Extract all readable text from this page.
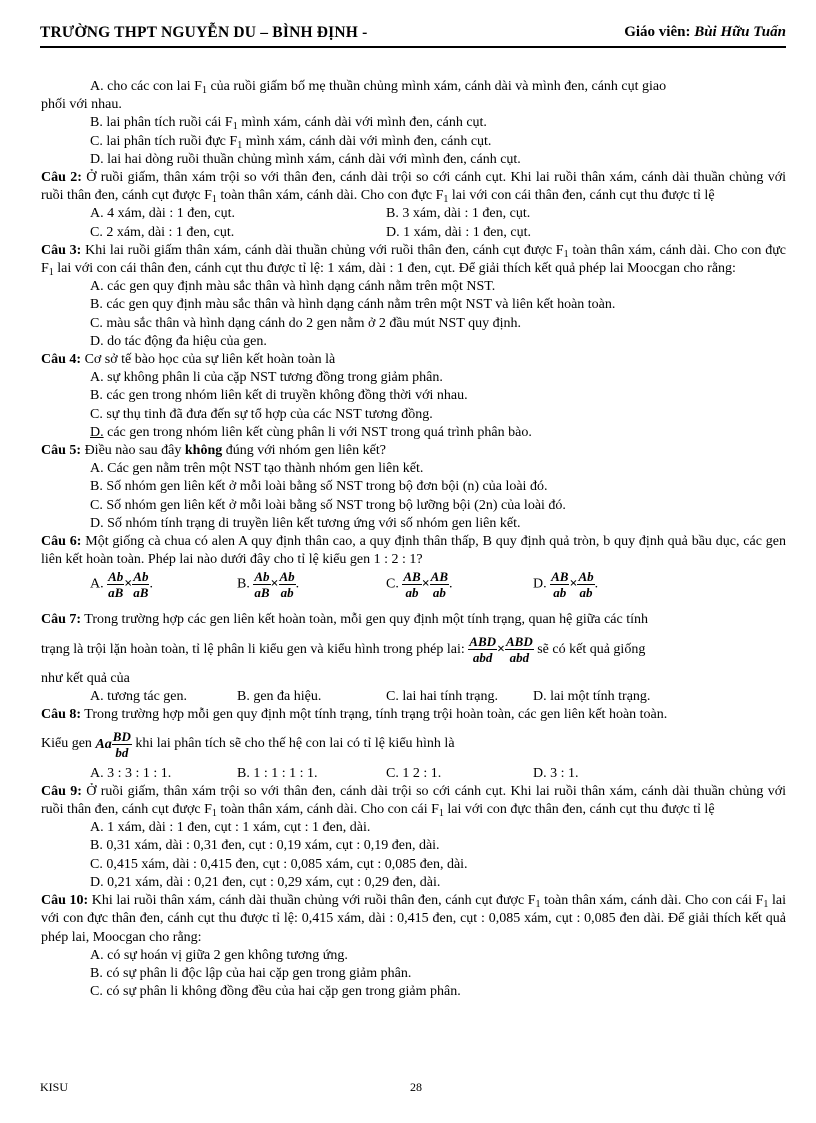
TRƯỜNG THPT NGUYỄN DU – BÌNH ĐỊNH -	Giáo viên: Bùi Hữu Tuấn
A. cho các con lai $F_1$ của ruồi giấm bố mẹ thuần chủng mình xám, cánh dài và mình đen, cánh cụt giao
phối với nhau.
B. lai phân tích ruồi cái $F_1$ mình xám, cánh dài với mình đen, cánh cụt.
C. lai phân tích ruồi đực $F_1$ mình xám, cánh dài với mình đen, cánh cụt.
D. lai hai dòng ruồi thuần chủng mình xám, cánh dài với mình đen, cánh cụt.
Câu 2: Ở ruồi giấm, thân xám trội so với thân đen, cánh dài trội so cới cánh cụt. Khi lai ruồi thân xám, cánh dài thuần chủng với ruồi thân đen, cánh cụt được $F_1$ toàn thân xám, cánh dài. Cho con đực $F_1$ lai với con cái thân đen, cánh cụt thu được tỉ lệ
A. 4 xám, dài : 1 đen, cụt.	B. 3 xám, dài : 1 đen, cụt.
C. 2 xám, dài : 1 đen, cụt.	D. 1 xám, dài : 1 đen, cụt.
Câu 3: Khi lai ruồi giấm thân xám, cánh dài thuần chủng với ruồi thân đen, cánh cụt được $F_1$ toàn thân xám, cánh dài. Cho con đực $F_1$ lai với con cái thân đen, cánh cụt thu được tỉ lệ: 1 xám, dài : 1 đen, cụt. Để giải thích kết quả phép lai Moocgan cho rằng:
A. các gen quy định màu sắc thân và hình dạng cánh nằm trên một NST.
B. các gen quy định màu sắc thân và hình dạng cánh nằm trên một NST và liên kết hoàn toàn.
C. màu sắc thân và hình dạng cánh do 2 gen nằm ở 2 đầu mút NST quy định.
D. do tác động đa hiệu của gen.
Câu 4: Cơ sở tế bào học của sự liên kết hoàn toàn là
A. sự không phân li của cặp NST tương đồng trong giảm phân.
B. các gen trong nhóm liên kết di truyền không đồng thời với nhau.
C. sự thụ tinh đã đưa đến sự tổ hợp của các NST tương đồng.
D. các gen trong nhóm liên kết cùng phân li với NST trong quá trình phân bào.
Câu 5: Điều nào sau đây không đúng với nhóm gen liên kết?
A. Các gen nằm trên một NST tạo thành nhóm gen liên kết.
B. Số nhóm gen liên kết ở mỗi loài bằng số NST trong bộ đơn bội (n) của loài đó.
C. Số nhóm gen liên kết ở mỗi loài bằng số NST trong bộ lưỡng bội (2n) của loài đó.
D. Số nhóm tính trạng di truyền liên kết tương ứng với số nhóm gen liên kết.
Câu 6: Một giống cà chua có alen A quy định thân cao, a quy định thân thấp, B quy định quả tròn, b quy định quả bầu dục, các gen liên kết hoàn toàn. Phép lai nào dưới đây cho tỉ lệ kiểu gen 1 : 2 : 1?
A. $\frac{Ab}{aB} \times \frac{Ab}{aB}$ .	B. $\frac{Ab}{aB} \times \frac{Ab}{ab}$ .	C. $\frac{AB}{ab} \times \frac{AB}{ab}$ .	D. $\frac{AB}{ab} \times \frac{Ab}{ab}$ .
Câu 7: Trong trường hợp các gen liên kết hoàn toàn, mỗi gen quy định một tính trạng, quan hệ giữa các tính
trạng là trội lặn hoàn toàn, tỉ lệ phân li kiểu gen và kiểu hình trong phép lai: $\frac{\text{ABD}}{\text{abd}} \times \frac{\text{ABD}}{\text{abd}}$ sẽ có kết quả giống
như kết quả của
A. tương tác gen.	B. gen đa hiệu.	C. lai hai tính trạng.	D. lai một tính trạng.
Câu 8: Trong trường hợp mỗi gen quy định một tính trạng, tính trạng trội hoàn toàn, các gen liên kết hoàn toàn.
Kiểu gen Aa $\frac{BD}{bd}$ khi lai phân tích sẽ cho thế hệ con lai có tỉ lệ kiểu hình là
A. 3 : 3 : 1 : 1.	B. 1 : 1 : 1 : 1.	C. 1 2 : 1.	D. 3 : 1.
Câu 9: Ở ruồi giấm, thân xám trội so với thân đen, cánh dài trội so cới cánh cụt. Khi lai ruồi thân xám, cánh dài thuần chủng với ruồi thân đen, cánh cụt được $F_1$ toàn thân xám, cánh dài. Cho con cái $F_1$ lai với con đực thân đen, cánh cụt thu được tỉ lệ
A. 1 xám, dài : 1 đen, cụt : 1 xám, cụt : 1 đen, dài.
B. 0,31 xám, dài : 0,31 đen, cụt : 0,19 xám, cụt : 0,19 đen, dài.
C. 0,415 xám, dài : 0,415 đen, cụt : 0,085 xám, cụt : 0,085 đen, dài.
D. 0,21 xám, dài : 0,21 đen, cụt : 0,29 xám, cụt : 0,29 đen, dài.
Câu 10: Khi lai ruồi thân xám, cánh dài thuần chủng với ruồi thân đen, cánh cụt được $F_1$ toàn thân xám, cánh dài. Cho con cái $F_1$ lai với con đực thân đen, cánh cụt thu được tỉ lệ: 0,415 xám, dài : 0,415 đen, cụt : 0,085 xám, cụt : 0,085 đen dài. Để giải thích kết quả phép lai, Moocgan cho rằng:
A. có sự hoán vị giữa 2 gen không tương ứng.
B. có sự phân li độc lập của hai cặp gen trong giảm phân.
C. có sự phân li không đồng đều của hai cặp gen trong giảm phân.
KISU	28
